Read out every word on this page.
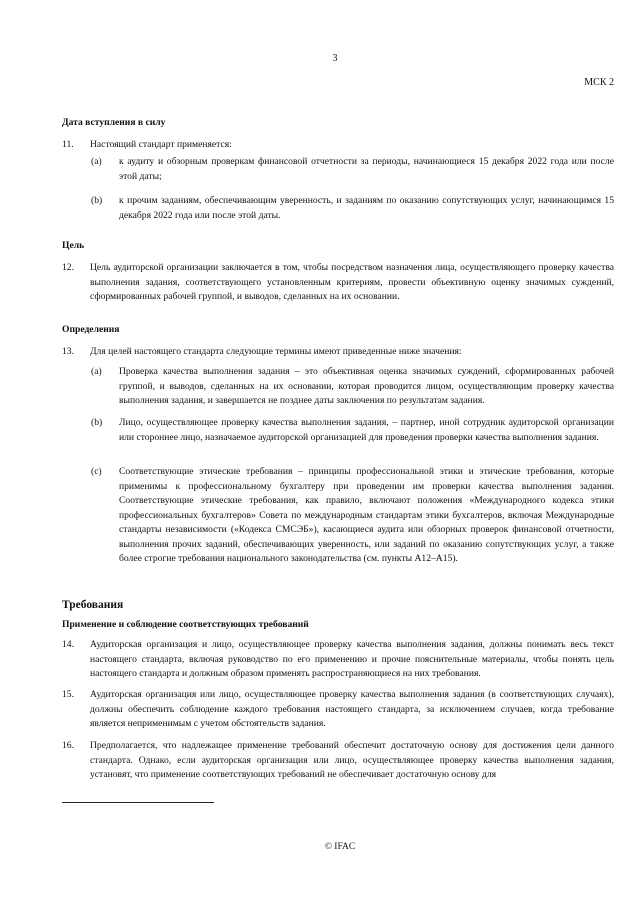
3
МСК 2
Дата вступления в силу
11.	Настоящий стандарт применяется:
(a)	к аудиту и обзорным проверкам финансовой отчетности за периоды, начинающиеся 15 декабря 2022 года или после этой даты;
(b)	к прочим заданиям, обеспечивающим уверенность, и заданиям по оказанию сопутствующих услуг, начинающимся 15 декабря 2022 года или после этой даты.
Цель
12.	Цель аудиторской организации заключается в том, чтобы посредством назначения лица, осуществляющего проверку качества выполнения задания, соответствующего установленным критериям, провести объективную оценку значимых суждений, сформированных рабочей группой, и выводов, сделанных на их основании.
Определения
13.	Для целей настоящего стандарта следующие термины имеют приведенные ниже значения:
(a)	Проверка качества выполнения задания – это объективная оценка значимых суждений, сформированных рабочей группой, и выводов, сделанных на их основании, которая проводится лицом, осуществляющим проверку качества выполнения задания, и завершается не позднее даты заключения по результатам задания.
(b)	Лицо, осуществляющее проверку качества выполнения задания, – партнер, иной сотрудник аудиторской организации или стороннее лицо, назначаемое аудиторской организацией для проведения проверки качества выполнения задания.
(c)	Соответствующие этические требования – принципы профессиональной этики и этические требования, которые применимы к профессиональному бухгалтеру при проведении им проверки качества выполнения задания. Соответствующие этические требования, как правило, включают положения «Международного кодекса этики профессиональных бухгалтеров» Совета по международным стандартам этики бухгалтеров, включая Международные стандарты независимости («Кодекса СМСЭБ»), касающиеся аудита или обзорных проверок финансовой отчетности, выполнения прочих заданий, обеспечивающих уверенность, или заданий по оказанию сопутствующих услуг, а также более строгие требования национального законодательства (см. пункты А12–А15).
Требования
Применение и соблюдение соответствующих требований
14.	Аудиторская организация и лицо, осуществляющее проверку качества выполнения задания, должны понимать весь текст настоящего стандарта, включая руководство по его применению и прочие пояснительные материалы, чтобы понять цель настоящего стандарта и должным образом применять распространяющиеся на них требования.
15.	Аудиторская организация или лицо, осуществляющее проверку качества выполнения задания (в соответствующих случаях), должны обеспечить соблюдение каждого требования настоящего стандарта, за исключением случаев, когда требование является неприменимым с учетом обстоятельств задания.
16.	Предполагается, что надлежащее применение требований обеспечит достаточную основу для достижения цели данного стандарта. Однако, если аудиторская организация или лицо, осуществляющее проверку качества выполнения задания, установят, что применение соответствующих требований не обеспечивает достаточную основу для
© IFAC
